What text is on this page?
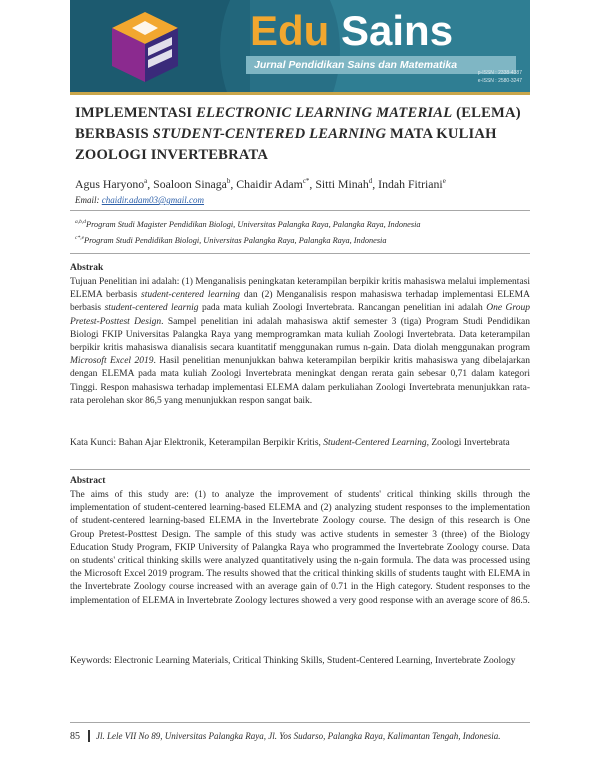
Edu Sains
Jurnal Pendidikan Sains dan Matematika
p-ISSN : 2338-4387
e-ISSN : 2580-3247
IMPLEMENTASI ELECTRONIC LEARNING MATERIAL (ELEMA) BERBASIS STUDENT-CENTERED LEARNING MATA KULIAH ZOOLOGI INVERTEBRATA
Agus Haryono$^a$, Soaloon Sinaga$^b$, Chaidir Adam$^{c*}$, Sitti Minah$^d$, Indah Fitriani$^e$
Email: chaidir.adam03@gmail.com
$^{a,b,d}$Program Studi Magister Pendidikan Biologi, Universitas Palangka Raya, Palangka Raya, Indonesia
$^{c*,e}$Program Studi Pendidikan Biologi, Universitas Palangka Raya, Palangka Raya, Indonesia
Abstrak
Tujuan Penelitian ini adalah: (1) Menganalisis peningkatan keterampilan berpikir kritis mahasiswa melalui implementasi ELEMA berbasis student-centered learning dan (2) Menganalisis respon mahasiswa terhadap implementasi ELEMA berbasis student-centered learnig pada mata kuliah Zoologi Invertebrata. Rancangan penelitian ini adalah One Group Pretest-Posttest Design. Sampel penelitian ini adalah mahasiswa aktif semester 3 (tiga) Program Studi Pendidikan Biologi FKIP Universitas Palangka Raya yang memprogramkan mata kuliah Zoologi Invertebrata. Data keterampilan berpikir kritis mahasiswa dianalisis secara kuantitatif menggunakan rumus n-gain. Data diolah menggunakan program Microsoft Excel 2019. Hasil penelitian menunjukkan bahwa keterampilan berpikir kritis mahasiswa yang dibelajarkan dengan ELEMA pada mata kuliah Zoologi Invertebrata meningkat dengan rerata gain sebesar 0,71 dalam kategori Tinggi. Respon mahasiswa terhadap implementasi ELEMA dalam perkuliahan Zoologi Invertebrata menunjukkan rata-rata perolehan skor 86,5 yang menunjukkan respon sangat baik.
Kata Kunci: Bahan Ajar Elektronik, Keterampilan Berpikir Kritis, Student-Centered Learning, Zoologi Invertebrata
Abstract
The aims of this study are: (1) to analyze the improvement of students' critical thinking skills through the implementation of student-centered learning-based ELEMA and (2) analyzing student responses to the implementation of student-centered learning-based ELEMA in the Invertebrate Zoology course. The design of this research is One Group Pretest-Posttest Design. The sample of this study was active students in semester 3 (three) of the Biology Education Study Program, FKIP University of Palangka Raya who programmed the Invertebrate Zoology course. Data on students' critical thinking skills were analyzed quantitatively using the n-gain formula. The data was processed using the Microsoft Excel 2019 program. The results showed that the critical thinking skills of students taught with ELEMA in the Invertebrate Zoology course increased with an average gain of 0.71 in the High category. Student responses to the implementation of ELEMA in Invertebrate Zoology lectures showed a very good response with an average score of 86.5.
Keywords: Electronic Learning Materials, Critical Thinking Skills, Student-Centered Learning, Invertebrate Zoology
85 Jl. Lele VII No 89, Universitas Palangka Raya, Jl. Yos Sudarso, Palangka Raya, Kalimantan Tengah, Indonesia.
